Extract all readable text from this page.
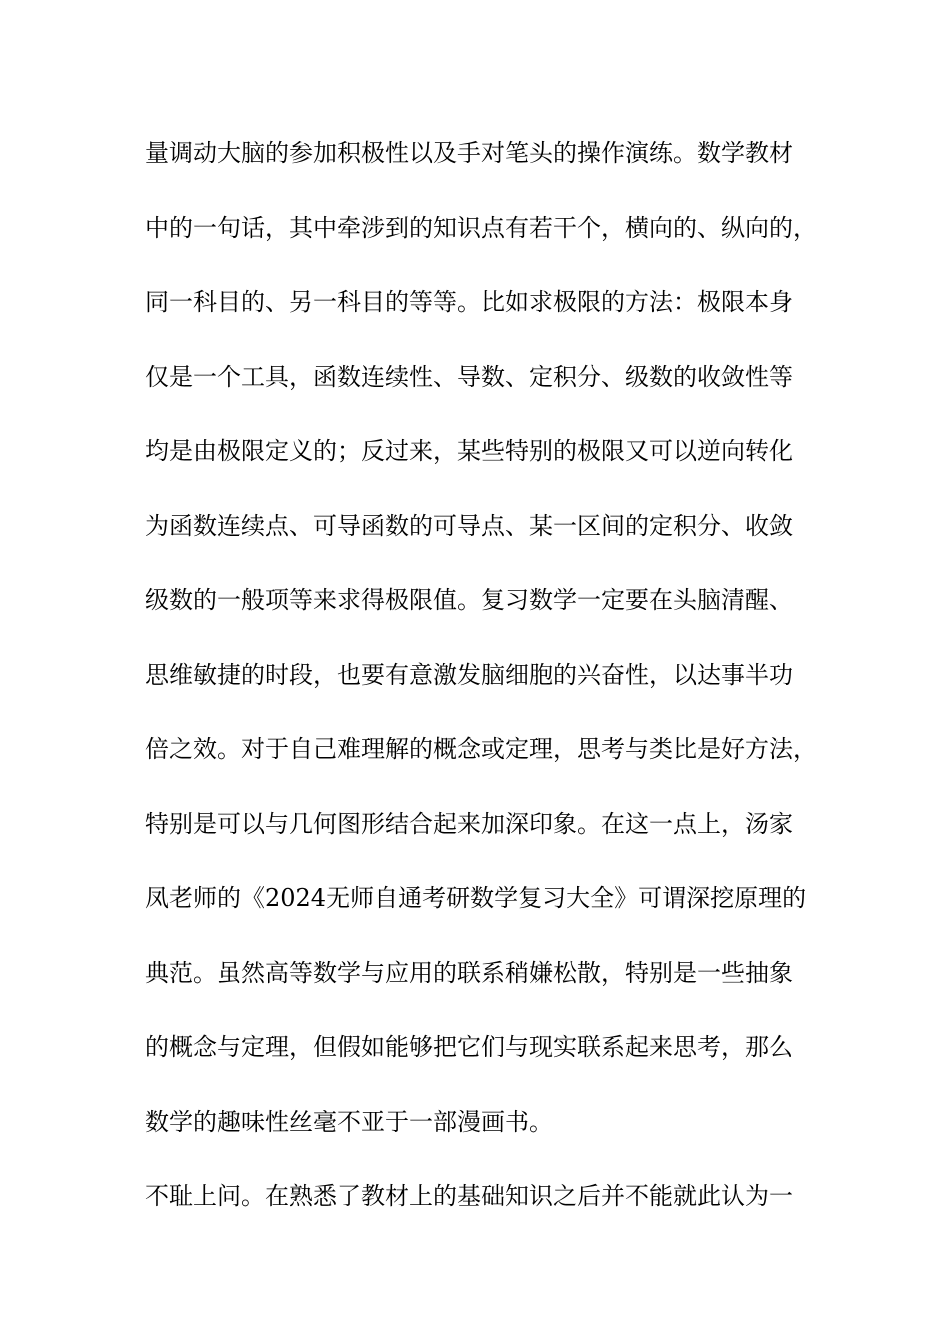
量调动大脑的参加积极性以及手对笔头的操作演练。数学教材
中的一句话，其中牵涉到的知识点有若干个，横向的、纵向的，
同一科目的、另一科目的等等。比如求极限的方法：极限本身
仅是一个工具，函数连续性、导数、定积分、级数的收敛性等
均是由极限定义的；反过来，某些特别的极限又可以逆向转化
为函数连续点、可导函数的可导点、某一区间的定积分、收敛
级数的一般项等来求得极限值。复习数学一定要在头脑清醒、
思维敏捷的时段，也要有意激发脑细胞的兴奋性，以达事半功
倍之效。对于自己难理解的概念或定理，思考与类比是好方法，
特别是可以与几何图形结合起来加深印象。在这一点上，汤家
凤老师的《2024无师自通考研数学复习大全》可谓深挖原理的
典范。虽然高等数学与应用的联系稍嫌松散，特别是一些抽象
的概念与定理，但假如能够把它们与现实联系起来思考，那么
数学的趣味性丝毫不亚于一部漫画书。
不耻上问。在熟悉了教材上的基础知识之后并不能就此认为一
